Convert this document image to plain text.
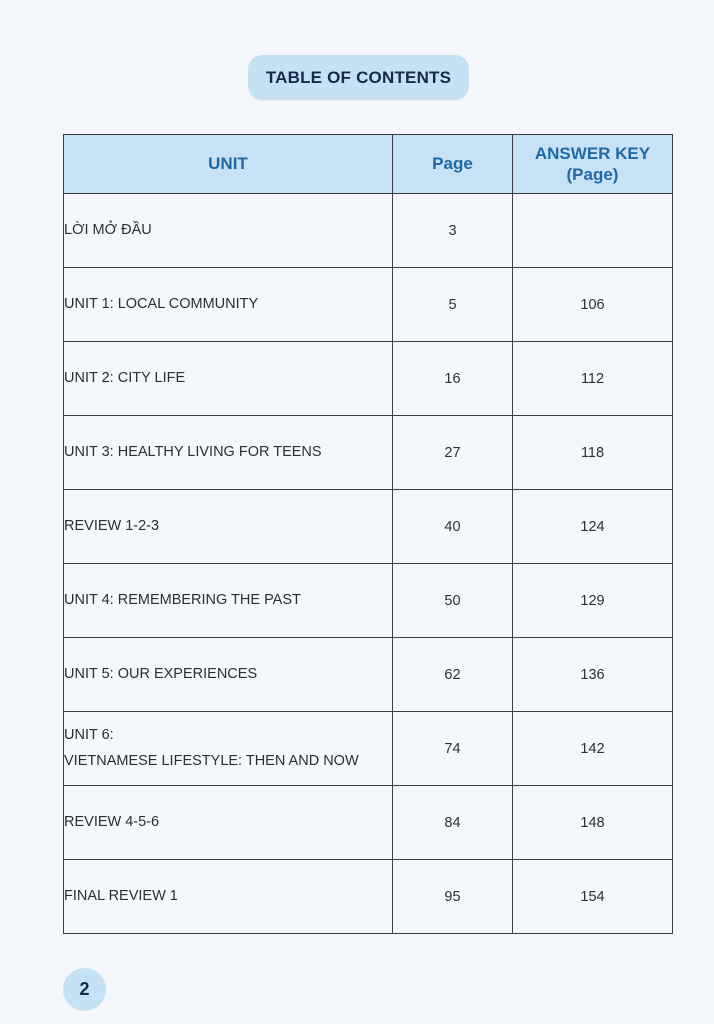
TABLE OF CONTENTS
UNIT	Page	ANSWER KEY
(Page)

LỜI MỞ ĐẦU	3	

UNIT 1: LOCAL COMMUNITY	5	106

UNIT 2: CITY LIFE	16	112

UNIT 3: HEALTHY LIVING FOR TEENS	27	118

REVIEW 1-2-3	40	124

UNIT 4: REMEMBERING THE PAST	50	129

UNIT 5: OUR EXPERIENCES	62	136

UNIT 6:
VIETNAMESE LIFESTYLE: THEN AND NOW	74	142

REVIEW 4-5-6	84	148

FINAL REVIEW 1	95	154
2
